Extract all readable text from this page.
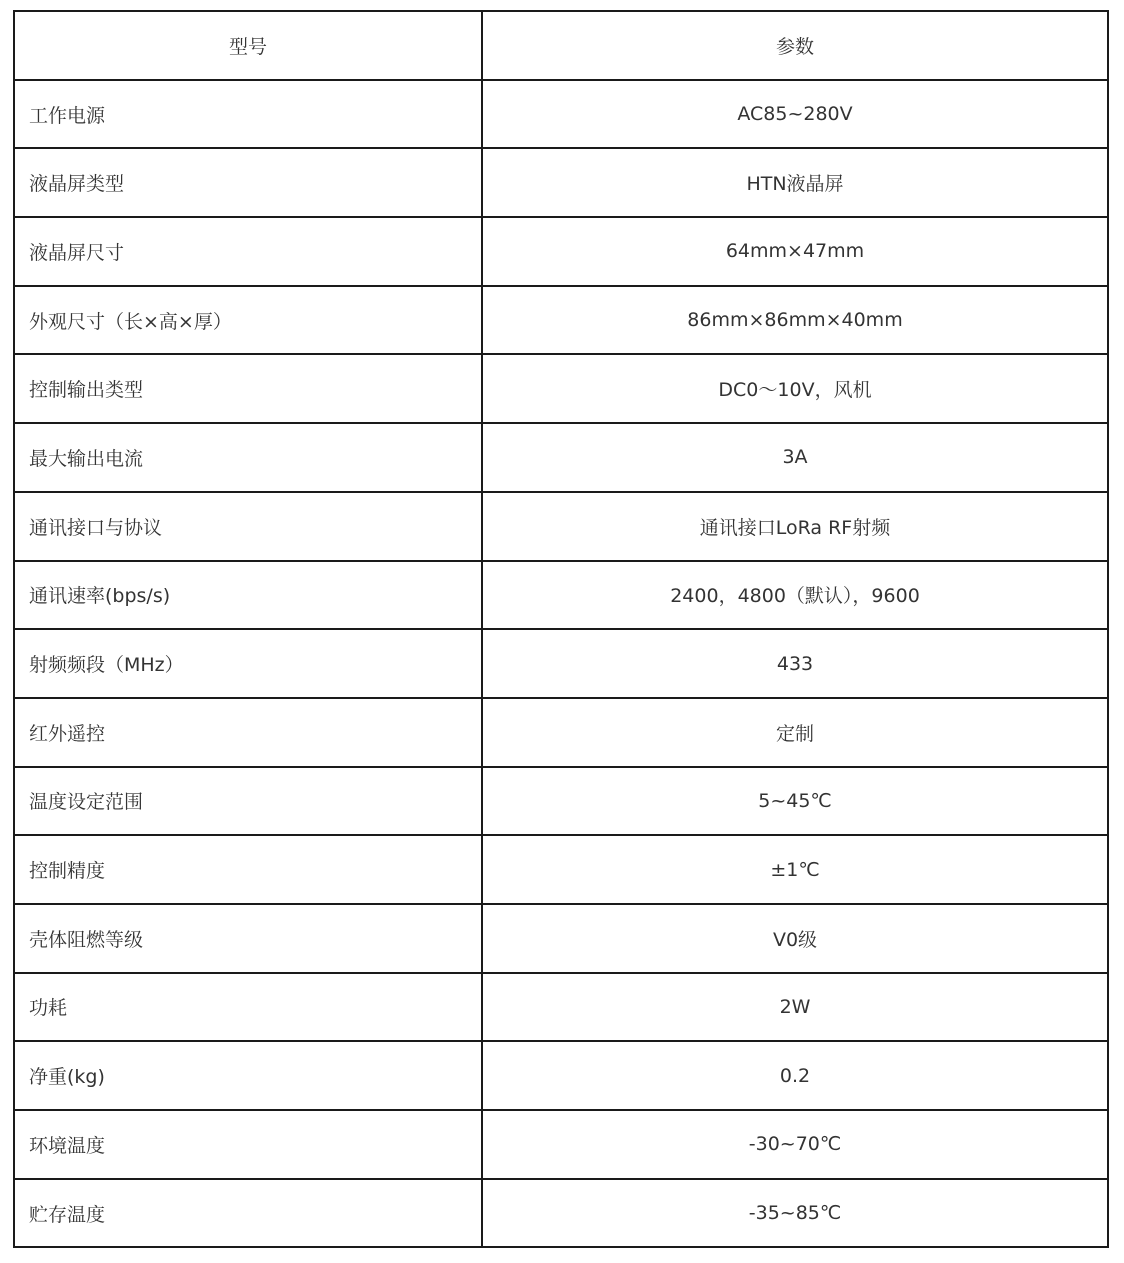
型号	参数
工作电源	AC85~280V
液晶屏类型	HTN液晶屏
液晶屏尺寸	64mm×47mm
外观尺寸（长×高×厚）	86mm×86mm×40mm
控制输出类型	DC0～10V，风机
最大输出电流	3A
通讯接口与协议	通讯接口LoRa RF射频
通讯速率(bps/s)	2400，4800（默认），9600
射频频段（MHz）	433
红外遥控	定制
温度设定范围	5~45℃
控制精度	±1℃
壳体阻燃等级	V0级
功耗	2W
净重(kg)	0.2
环境温度	-30~70℃
贮存温度	-35~85℃
